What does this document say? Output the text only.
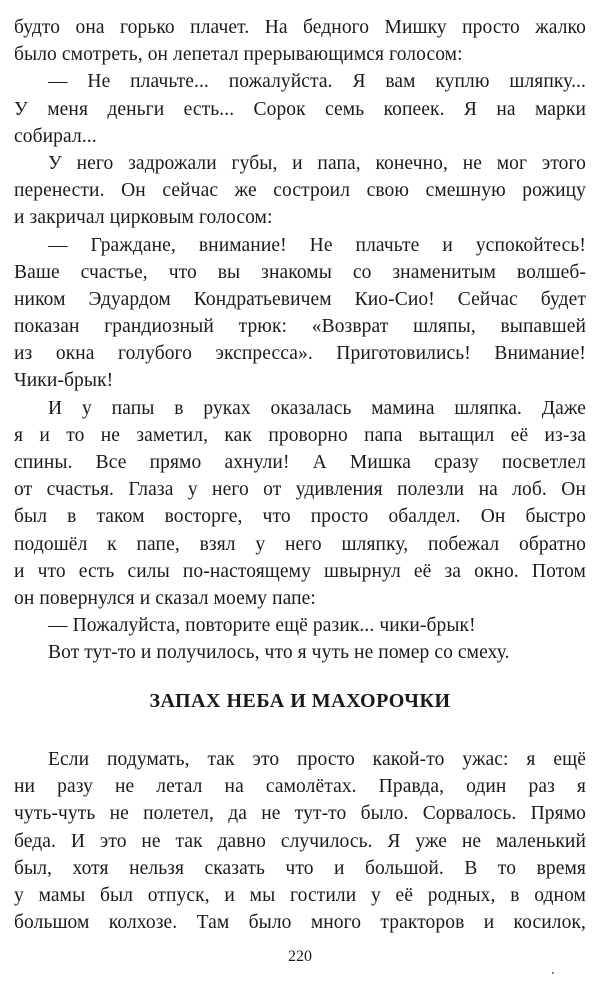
будто она горько плачет. На бедного Мишку просто жалко
было смотреть, он лепетал прерывающимся голосом:
— Не плачьте... пожалуйста. Я вам куплю шляпку...
У меня деньги есть... Сорок семь копеек. Я на марки
собирал...
У него задрожали губы, и папа, конечно, не мог этого
перенести. Он сейчас же состроил свою смешную рожицу
и закричал цирковым голосом:
— Граждане, внимание! Не плачьте и успокойтесь!
Ваше счастье, что вы знакомы со знаменитым волшеб-
ником Эдуардом Кондратьевичем Кио-Сио! Сейчас будет
показан грандиозный трюк: «Возврат шляпы, выпавшей
из окна голубого экспресса». Приготовились! Внимание!
Чики-брык!
И у папы в руках оказалась мамина шляпка. Даже
я и то не заметил, как проворно папа вытащил её из-за
спины. Все прямо ахнули! А Мишка сразу посветлел
от счастья. Глаза у него от удивления полезли на лоб. Он
был в таком восторге, что просто обалдел. Он быстро
подошёл к папе, взял у него шляпку, побежал обратно
и что есть силы по-настоящему швырнул её за окно. Потом
он повернулся и сказал моему папе:
— Пожалуйста, повторите ещё разик... чики-брык!
Вот тут-то и получилось, что я чуть не помер со смеху.
ЗАПАХ НЕБА И МАХОРОЧКИ
Если подумать, так это просто какой-то ужас: я ещё
ни разу не летал на самолётах. Правда, один раз я
чуть-чуть не полетел, да не тут-то было. Сорвалось. Прямо
беда. И это не так давно случилось. Я уже не маленький
был, хотя нельзя сказать что и большой. В то время
у мамы был отпуск, и мы гостили у её родных, в одном
большом колхозе. Там было много тракторов и косилок,
220
